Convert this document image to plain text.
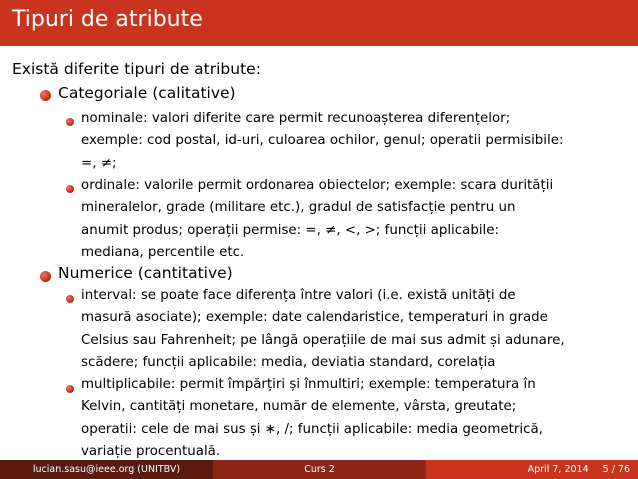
Tipuri de atribute
Există diferite tipuri de atribute:
Categoriale (calitative)
nominale: valori diferite care permit recunoașterea diferențelor;
exemple: cod postal, id-uri, culoarea ochilor, genul; operatii permisibile:
=, ≠;
ordinale: valorile permit ordonarea obiectelor; exemple: scara durității
mineralelor, grade (militare etc.), gradul de satisfacție pentru un
anumit produs; operații permise: =, ≠, <, >; funcții aplicabile:
mediana, percentile etc.
Numerice (cantitative)
interval: se poate face diferența între valori (i.e. există unități de
masură asociate); exemple: date calendaristice, temperaturi in grade
Celsius sau Fahrenheit; pe lângă operațiile de mai sus admit și adunare,
scădere; funcții aplicabile: media, deviatia standard, corelația
multiplicabile: permit împărțiri și înmultiri; exemple: temperatura în
Kelvin, cantități monetare, număr de elemente, vârsta, greutate;
operatii: cele de mai sus și ∗, /; funcții aplicabile: media geometrică,
variație procentuală.
lucian.sasu@ieee.org (UNITBV)	Curs 2	April 7, 2014 5 / 76
